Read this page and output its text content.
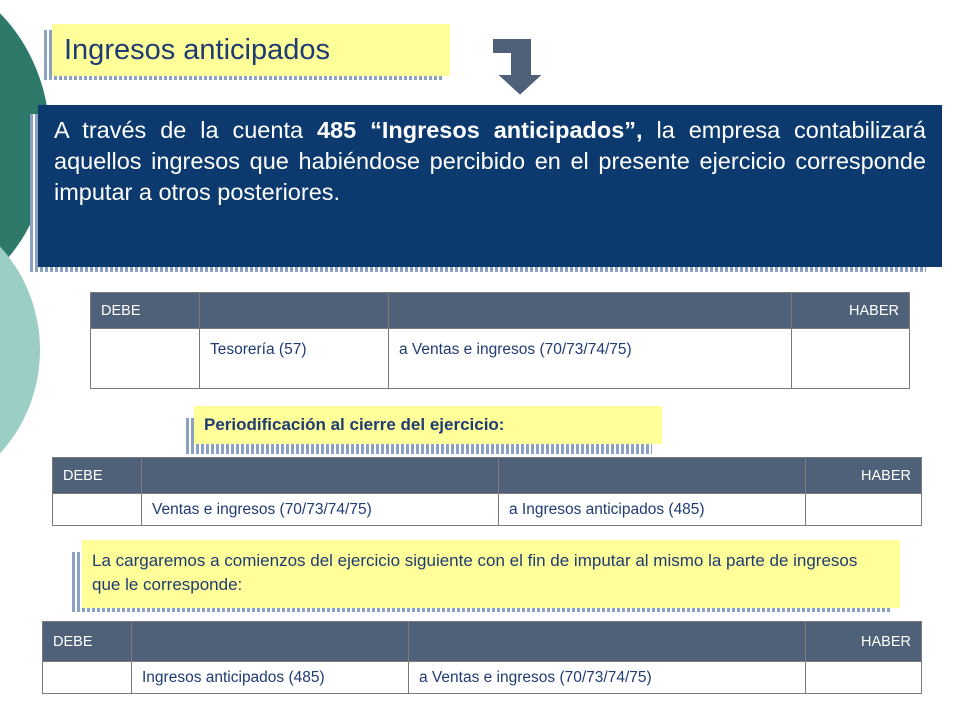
Ingresos anticipados
A través de la cuenta 485 “Ingresos anticipados”, la empresa contabilizará aquellos ingresos que habiéndose percibido en el presente ejercicio corresponde imputar a otros posteriores.
DEBE			HABER
	Tesorería (57)	a Ventas e ingresos (70/73/74/75)	
Periodificación al cierre del ejercicio:
DEBE			HABER
	Ventas e ingresos (70/73/74/75)	a Ingresos anticipados (485)	
La cargaremos a comienzos del ejercicio siguiente con el fin de imputar al mismo la parte de ingresos que le corresponde:
DEBE			HABER
	Ingresos anticipados (485)	a Ventas e ingresos (70/73/74/75)	
